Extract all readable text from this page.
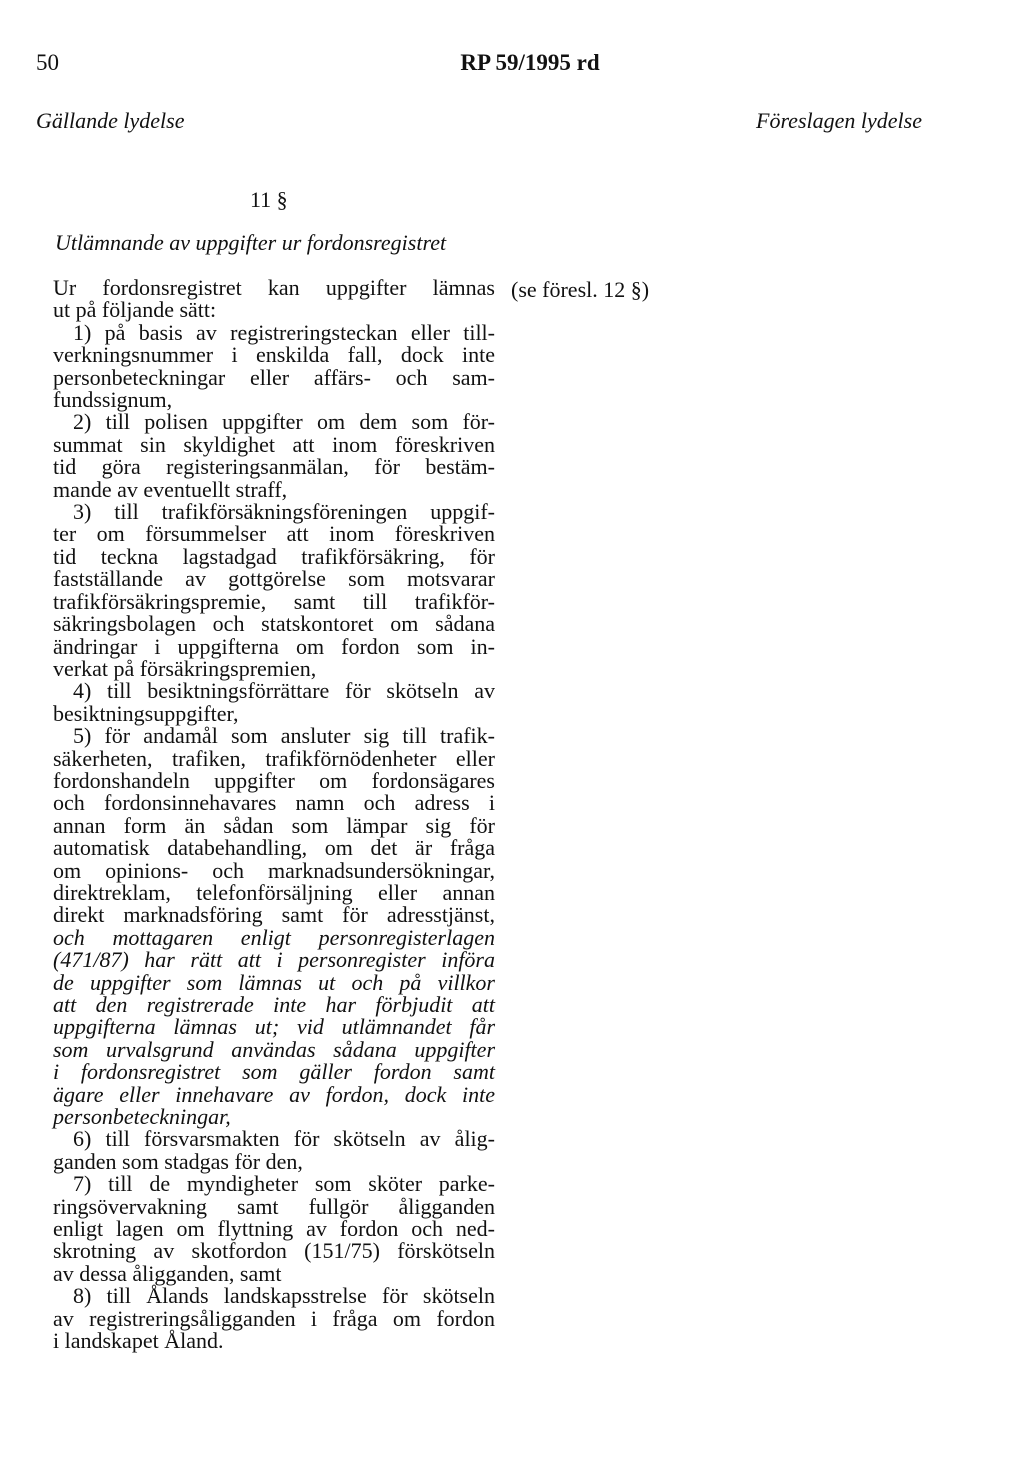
50	RP 59/1995 rd
Gällande lydelse	Föreslagen lydelse
11 §
Utlämnande av uppgifter ur fordonsregistret
Ur fordonsregistret kan uppgifter lämnas
ut på följande sätt:
1) på basis av registreringsteckan eller till-
verkningsnummer i enskilda fall, dock inte
personbeteckningar eller affärs- och sam-
fundssignum,
2) till polisen uppgifter om dem som för-
summat sin skyldighet att inom föreskriven
tid göra registeringsanmälan, för bestäm-
mande av eventuellt straff,
3) till trafikförsäkningsföreningen uppgif-
ter om försummelser att inom föreskriven
tid teckna lagstadgad trafikförsäkring, för
fastställande av gottgörelse som motsvarar
trafikförsäkringspremie, samt till trafikför-
säkringsbolagen och statskontoret om sådana
ändringar i uppgifterna om fordon som in-
verkat på försäkringspremien,
4) till besiktningsförrättare för skötseln av
besiktningsuppgifter,
5) för andamål som ansluter sig till trafik-
säkerheten, trafiken, trafikförnödenheter eller
fordonshandeln uppgifter om fordonsägares
och fordonsinnehavares namn och adress i
annan form än sådan som lämpar sig för
automatisk databehandling, om det är fråga
om opinions- och marknadsundersökningar,
direktreklam, telefonförsäljning eller annan
direkt marknadsföring samt för adresstjänst,
och mottagaren enligt personregisterlagen
(471/87) har rätt att i personregister införa
de uppgifter som lämnas ut och på villkor
att den registrerade inte har förbjudit att
uppgifterna lämnas ut; vid utlämnandet får
som urvalsgrund användas sådana uppgifter
i fordonsregistret som gäller fordon samt
ägare eller innehavare av fordon, dock inte
personbeteckningar,
6) till försvarsmakten för skötseln av ålig-
ganden som stadgas för den,
7) till de myndigheter som sköter parke-
ringsövervakning samt fullgör åligganden
enligt lagen om flyttning av fordon och ned-
skrotning av skotfordon (151/75) förskötseln
av dessa åligganden, samt
8) till Ålands landskapsstrelse för skötseln
av registreringsåligganden i fråga om fordon
i landskapet Åland.
(se föresl. 12 §)
